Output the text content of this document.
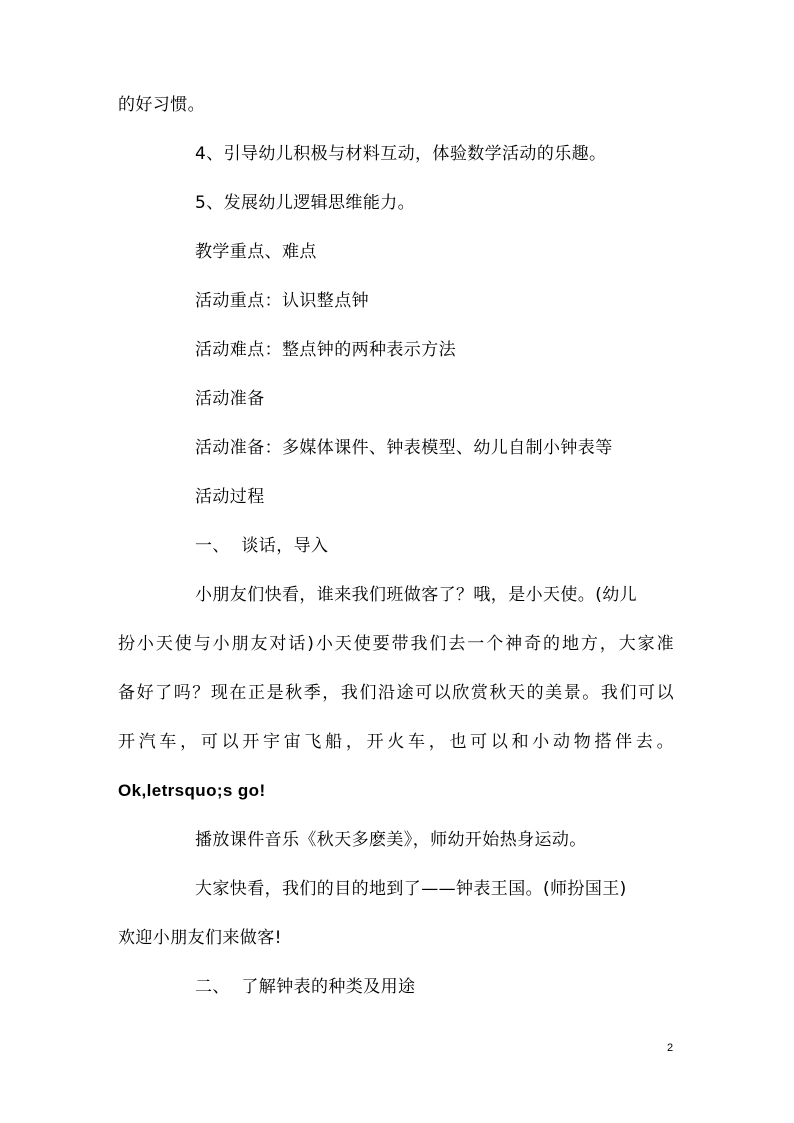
的好习惯。
4、引导幼儿积极与材料互动，体验数学活动的乐趣。
5、发展幼儿逻辑思维能力。
教学重点、难点
活动重点：认识整点钟
活动难点：整点钟的两种表示方法
活动准备
活动准备：多媒体课件、钟表模型、幼儿自制小钟表等
活动过程
一、  谈话，导入
小朋友们快看，谁来我们班做客了？哦，是小天使。(幼儿
扮小天使与小朋友对话)小天使要带我们去一个神奇的地方，大家准
备好了吗？现在正是秋季，我们沿途可以欣赏秋天的美景。我们可以
开汽车，可以开宇宙飞船，开火车，也可以和小动物搭伴去。
Ok,letrsquo;s go!
播放课件音乐《秋天多麽美》，师幼开始热身运动。
大家快看，我们的目的地到了——钟表王国。(师扮国王)
欢迎小朋友们来做客!
二、  了解钟表的种类及用途
2
